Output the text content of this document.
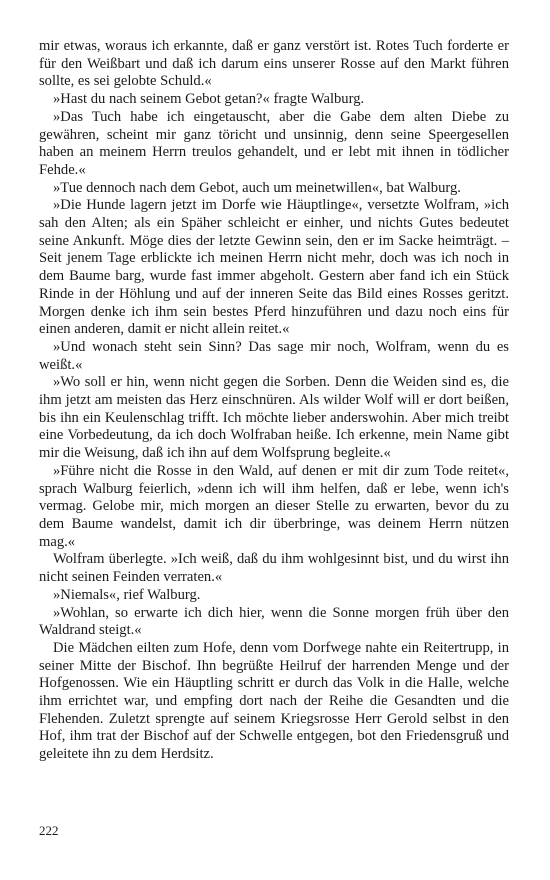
mir etwas, woraus ich erkannte, daß er ganz verstört ist. Rotes Tuch forderte er für den Weißbart und daß ich darum eins unserer Rosse auf den Markt führen sollte, es sei gelobte Schuld.«

»Hast du nach seinem Gebot getan?« fragte Walburg.

»Das Tuch habe ich eingetauscht, aber die Gabe dem alten Diebe zu gewähren, scheint mir ganz töricht und unsinnig, denn seine Speergesellen haben an meinem Herrn treulos gehandelt, und er lebt mit ihnen in tödlicher Fehde.«

»Tue dennoch nach dem Gebot, auch um meinetwillen«, bat Walburg.

»Die Hunde lagern jetzt im Dorfe wie Häuptlinge«, versetzte Wolfram, »ich sah den Alten; als ein Späher schleicht er einher, und nichts Gutes bedeutet seine Ankunft. Möge dies der letzte Gewinn sein, den er im Sacke heimträgt. – Seit jenem Tage erblickte ich meinen Herrn nicht mehr, doch was ich noch in dem Baume barg, wurde fast immer abgeholt. Gestern aber fand ich ein Stück Rinde in der Höhlung und auf der inneren Seite das Bild eines Rosses geritzt. Morgen denke ich ihm sein bestes Pferd hinzuführen und dazu noch eins für einen anderen, damit er nicht allein reitet.«

»Und wonach steht sein Sinn? Das sage mir noch, Wolfram, wenn du es weißt.«

»Wo soll er hin, wenn nicht gegen die Sorben. Denn die Weiden sind es, die ihm jetzt am meisten das Herz einschnüren. Als wilder Wolf will er dort beißen, bis ihn ein Keulenschlag trifft. Ich möchte lieber anderswohin. Aber mich treibt eine Vorbedeutung, da ich doch Wolfraban heiße. Ich erkenne, mein Name gibt mir die Weisung, daß ich ihn auf dem Wolfsprung begleite.«

»Führe nicht die Rosse in den Wald, auf denen er mit dir zum Tode reitet«, sprach Walburg feierlich, »denn ich will ihm helfen, daß er lebe, wenn ich's vermag. Gelobe mir, mich morgen an dieser Stelle zu erwarten, bevor du zu dem Baume wandelst, damit ich dir überbringe, was deinem Herrn nützen mag.«

Wolfram überlegte. »Ich weiß, daß du ihm wohlgesinnt bist, und du wirst ihn nicht seinen Feinden verraten.«

»Niemals«, rief Walburg.

»Wohlan, so erwarte ich dich hier, wenn die Sonne morgen früh über den Waldrand steigt.«

Die Mädchen eilten zum Hofe, denn vom Dorfwege nahte ein Reitertrupp, in seiner Mitte der Bischof. Ihn begrüßte Heilruf der harrenden Menge und der Hofgenossen. Wie ein Häuptling schritt er durch das Volk in die Halle, welche ihm errichtet war, und empfing dort nach der Reihe die Gesandten und die Flehenden. Zuletzt sprengte auf seinem Kriegsrosse Herr Gerold selbst in den Hof, ihm trat der Bischof auf der Schwelle entgegen, bot den Friedensgruß und geleitete ihn zu dem Herdsitz.

222
